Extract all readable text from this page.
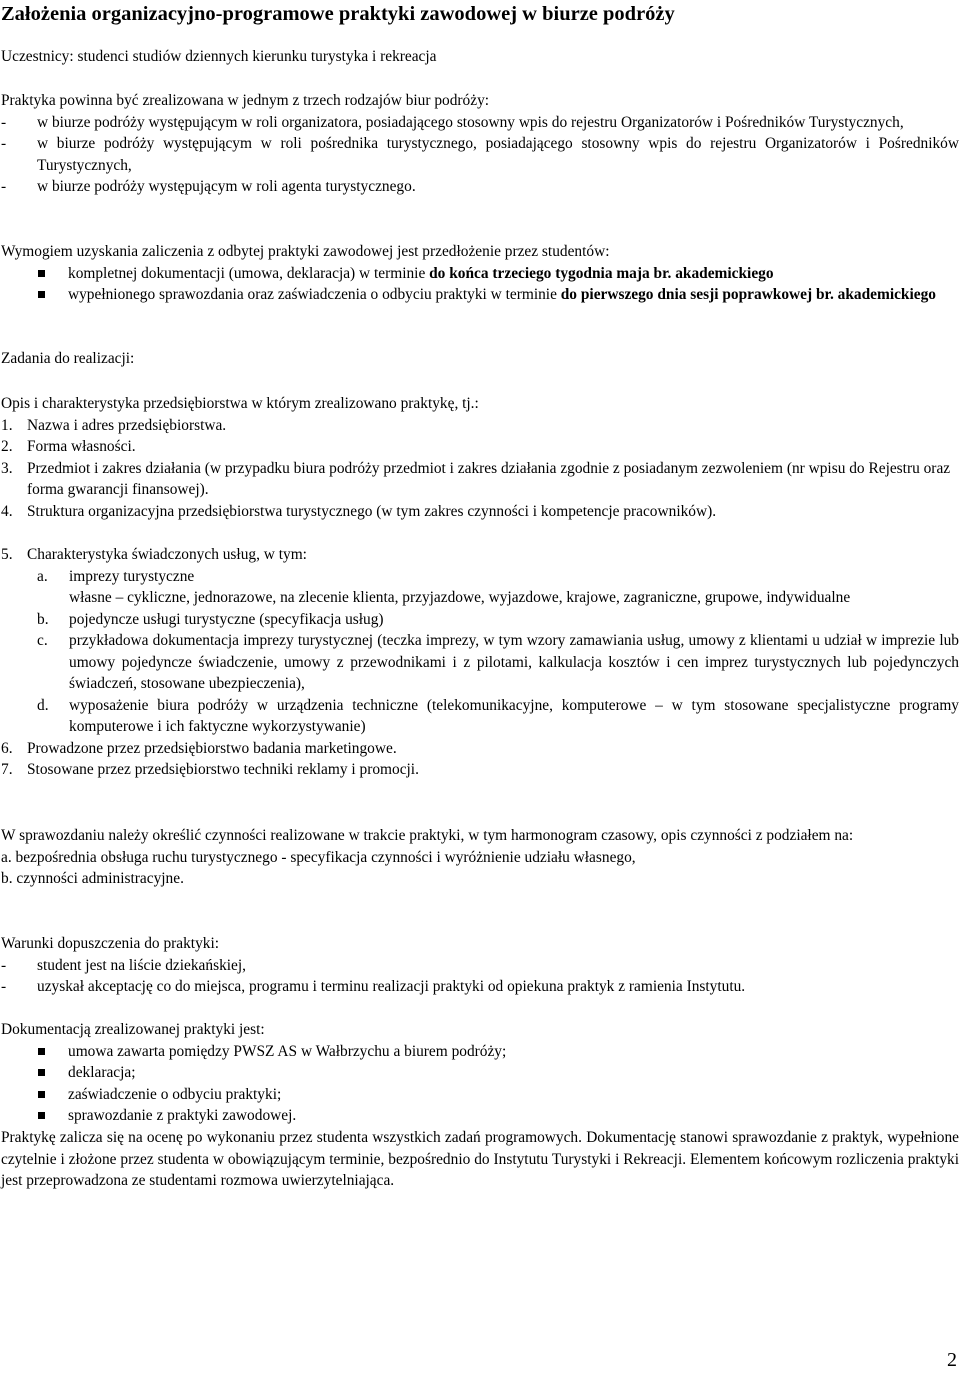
Założenia organizacyjno-programowe praktyki zawodowej w biurze podróży

Uczestnicy: studenci studiów dziennych kierunku turystyka i rekreacja

Praktyka powinna być zrealizowana w jednym z trzech rodzajów biur podróży:

-	w biurze podróży występującym w roli organizatora, posiadającego stosowny wpis do rejestru Organizatorów i Pośredników Turystycznych,
-	w biurze podróży występującym w roli pośrednika turystycznego, posiadającego stosowny wpis do rejestru Organizatorów i Pośredników Turystycznych,
-	w biurze podróży występującym w roli agenta turystycznego.

Wymogiem uzyskania zaliczenia z odbytej praktyki zawodowej jest przedłożenie przez studentów:

kompletnej dokumentacji (umowa, deklaracja) w terminie do końca trzeciego tygodnia maja br. akademickiego
wypełnionego sprawozdania oraz zaświadczenia o odbyciu praktyki w terminie do pierwszego dnia sesji poprawkowej br. akademickiego

Zadania do realizacji:

Opis i charakterystyka przedsiębiorstwa w którym zrealizowano praktykę, tj.:

1. Nazwa i adres przedsiębiorstwa.
2. Forma własności.
3. Przedmiot i zakres działania (w przypadku biura podróży przedmiot i zakres działania zgodnie z posiadanym zezwoleniem (nr wpisu do Rejestru oraz forma gwarancji finansowej).
4. Struktura organizacyjna przedsiębiorstwa turystycznego (w tym zakres czynności i kompetencje pracowników).
5. Charakterystyka świadczonych usług, w tym:
a.	imprezy turystyczne

własne – cykliczne, jednorazowe, na zlecenie klienta, przyjazdowe, wyjazdowe, krajowe, zagraniczne, grupowe, indywidualne
b.	pojedyncze usługi turystyczne (specyfikacja usług)
c.	przykładowa dokumentacja imprezy turystycznej (teczka imprezy, w tym wzory zamawiania usług, umowy z klientami u udział w imprezie lub umowy pojedyncze świadczenie, umowy z przewodnikami i z pilotami, kalkulacja kosztów i cen imprez turystycznych lub pojedynczych świadczeń, stosowane ubezpieczenia),
d.	wyposażenie biura podróży w urządzenia techniczne (telekomunikacyjne, komputerowe – w tym stosowane specjalistyczne programy komputerowe i ich faktyczne wykorzystywanie)
6. Prowadzone przez przedsiębiorstwo badania marketingowe.
7. Stosowane przez przedsiębiorstwo techniki reklamy i promocji.

W sprawozdaniu należy określić czynności realizowane w trakcie praktyki, w tym harmonogram czasowy, opis czynności z podziałem na:

a. bezpośrednia obsługa ruchu turystycznego - specyfikacja czynności i wyróżnienie udziału własnego,

b. czynności administracyjne.

Warunki dopuszczenia do praktyki:

-	student jest na liście dziekańskiej,
-	uzyskał akceptację co do miejsca, programu i terminu realizacji praktyki od opiekuna praktyk z ramienia Instytutu.

Dokumentacją zrealizowanej praktyki jest:

umowa zawarta pomiędzy PWSZ AS w Wałbrzychu a biurem podróży;
deklaracja;
zaświadczenie o odbyciu praktyki;
sprawozdanie z praktyki zawodowej.

Praktykę zalicza się na ocenę po wykonaniu przez studenta wszystkich zadań programowych. Dokumentację stanowi sprawozdanie z praktyk, wypełnione czytelnie i złożone przez studenta w obowiązującym terminie, bezpośrednio do Instytutu Turystyki i Rekreacji. Elementem końcowym rozliczenia praktyki jest przeprowadzona ze studentami rozmowa uwierzytelniająca.

2
